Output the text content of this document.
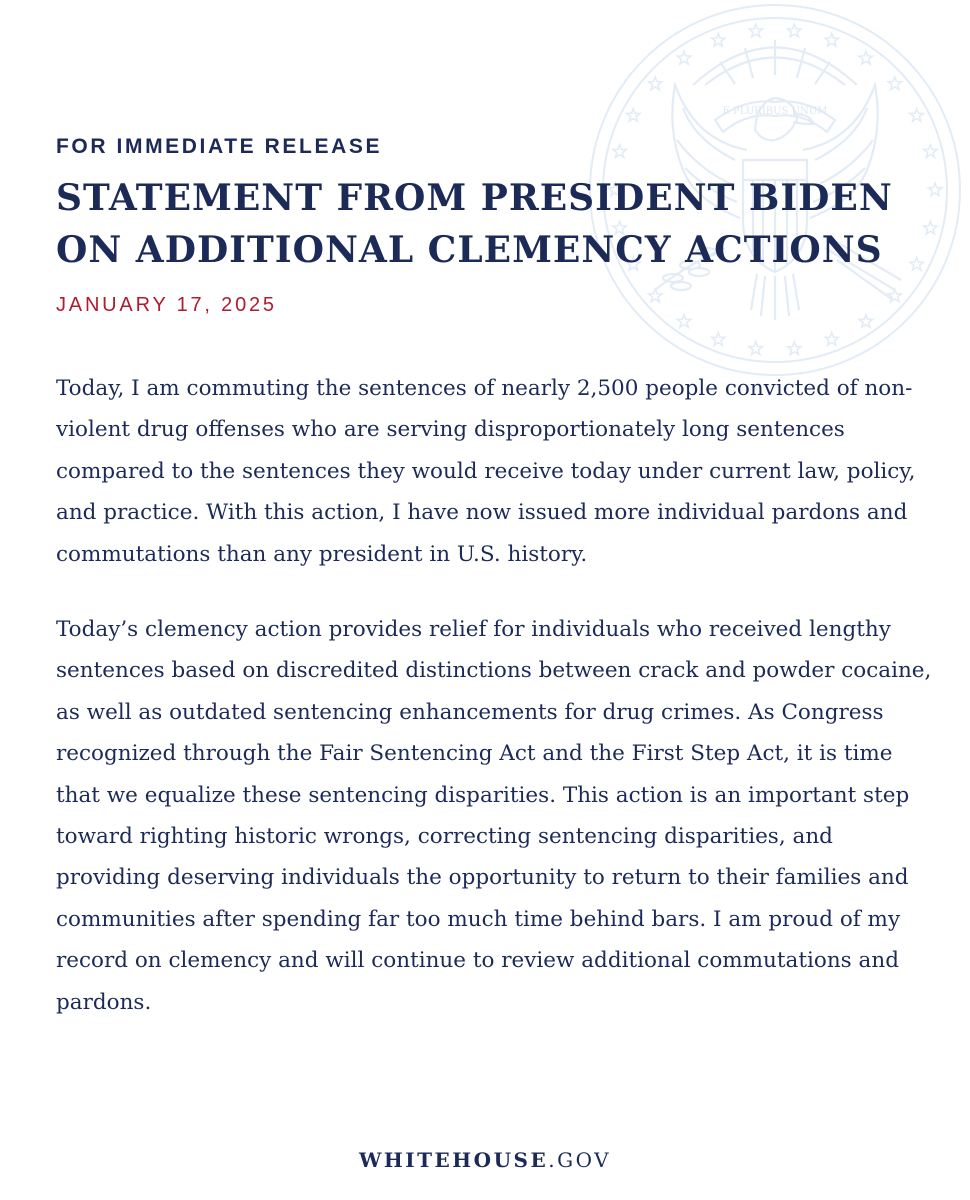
E PLURIBUS UNUM

FOR IMMEDIATE RELEASE

STATEMENT FROM PRESIDENT BIDEN
ON ADDITIONAL CLEMENCY ACTIONS

JANUARY 17, 2025

Today, I am commuting the sentences of nearly 2,500 people convicted of non-violent drug offenses who are serving disproportionately long sentences compared to the sentences they would receive today under current law, policy, and practice. With this action, I have now issued more individual pardons and commutations than any president in U.S. history.

Today’s clemency action provides relief for individuals who received lengthy sentences based on discredited distinctions between crack and powder cocaine, as well as outdated sentencing enhancements for drug crimes. As Congress recognized through the Fair Sentencing Act and the First Step Act, it is time that we equalize these sentencing disparities. This action is an important step toward righting historic wrongs, correcting sentencing disparities, and providing deserving individuals the opportunity to return to their families and communities after spending far too much time behind bars. I am proud of my record on clemency and will continue to review additional commutations and pardons.

WHITEHOUSE.GOV
